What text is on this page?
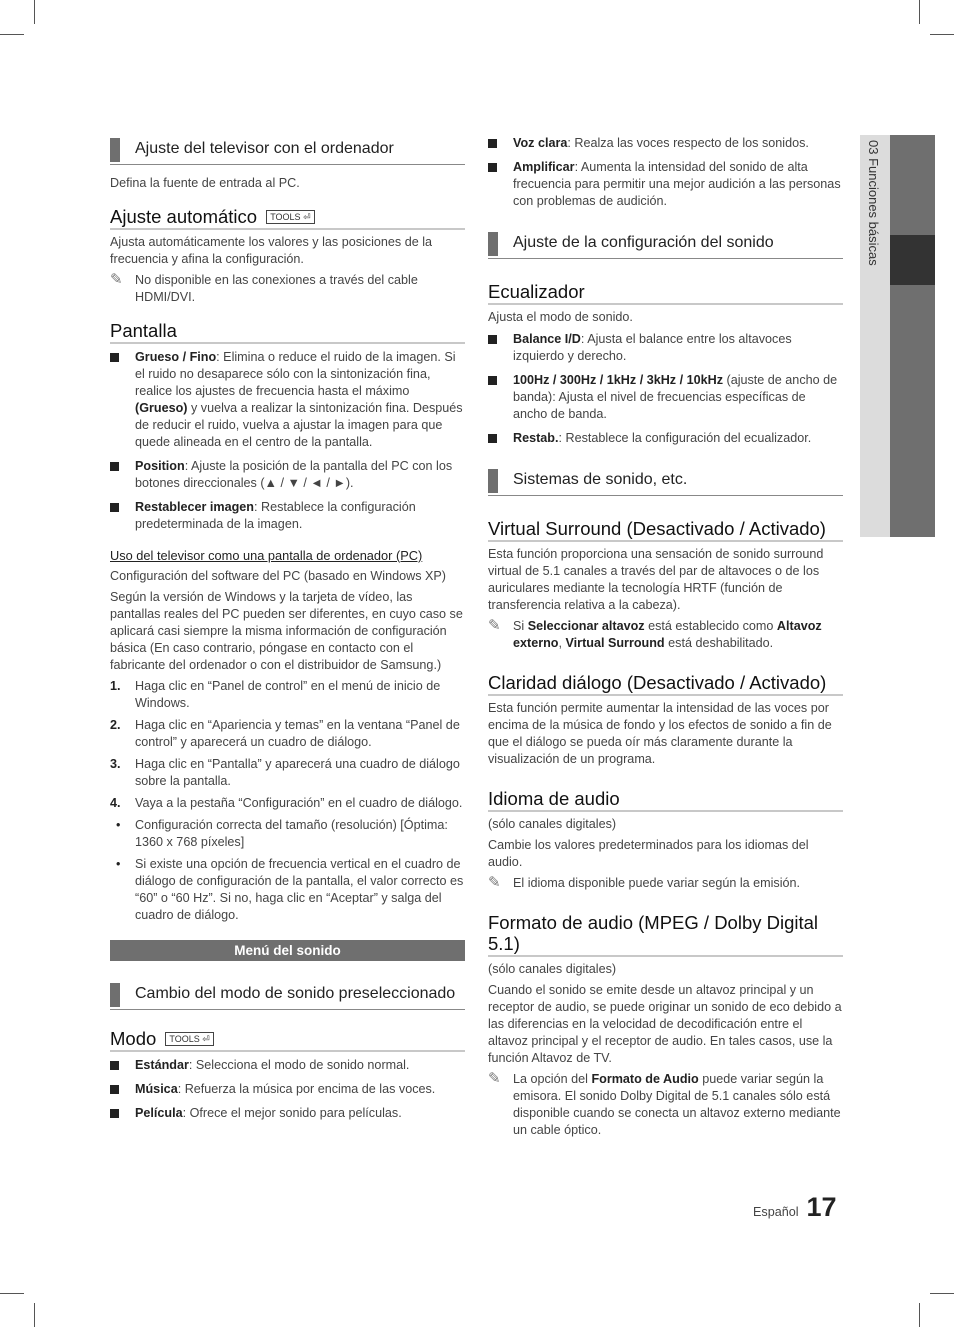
03 Funciones básicas
Ajuste del televisor con el ordenador
Defina la fuente de entrada al PC.
Ajuste automático TOOLS ⏎
Ajusta automáticamente los valores y las posiciones de la frecuencia y afina la configuración.
✎ No disponible en las conexiones a través del cable HDMI/DVI.
Pantalla
Grueso / Fino: Elimina o reduce el ruido de la imagen. Si el ruido no desaparece sólo con la sintonización fina, realice los ajustes de frecuencia hasta el máximo (Grueso) y vuelva a realizar la sintonización fina. Después de reducir el ruido, vuelva a ajustar la imagen para que quede alineada en el centro de la pantalla.
Position: Ajuste la posición de la pantalla del PC con los botones direccionales (▲ / ▼ / ◄ / ►).
Restablecer imagen: Restablece la configuración predeterminada de la imagen.
Uso del televisor como una pantalla de ordenador (PC)
Configuración del software del PC (basado en Windows XP)
Según la versión de Windows y la tarjeta de vídeo, las pantallas reales del PC pueden ser diferentes, en cuyo caso se aplicará casi siempre la misma información de configuración básica (En caso contrario, póngase en contacto con el fabricante del ordenador o con el distribuidor de Samsung.)
1. Haga clic en “Panel de control” en el menú de inicio de Windows.
2. Haga clic en “Apariencia y temas” en la ventana “Panel de control” y aparecerá un cuadro de diálogo.
3. Haga clic en “Pantalla” y aparecerá una cuadro de diálogo sobre la pantalla.
4. Vaya a la pestaña “Configuración” en el cuadro de diálogo.
• Configuración correcta del tamaño (resolución) [Óptima: 1360 x 768 píxeles]
• Si existe una opción de frecuencia vertical en el cuadro de diálogo de configuración de la pantalla, el valor correcto es “60” o “60 Hz”. Si no, haga clic en “Aceptar” y salga del cuadro de diálogo.
Menú del sonido
Cambio del modo de sonido preseleccionado
Modo TOOLS ⏎
Estándar: Selecciona el modo de sonido normal.
Música: Refuerza la música por encima de las voces.
Película: Ofrece el mejor sonido para películas.
Voz clara: Realza las voces respecto de los sonidos.
Amplificar: Aumenta la intensidad del sonido de alta frecuencia para permitir una mejor audición a las personas con problemas de audición.
Ajuste de la configuración del sonido
Ecualizador
Ajusta el modo de sonido.
Balance I/D: Ajusta el balance entre los altavoces izquierdo y derecho.
100Hz / 300Hz / 1kHz / 3kHz / 10kHz (ajuste de ancho de banda): Ajusta el nivel de frecuencias específicas de ancho de banda.
Restab.: Restablece la configuración del ecualizador.
Sistemas de sonido, etc.
Virtual Surround (Desactivado / Activado)
Esta función proporciona una sensación de sonido surround virtual de 5.1 canales a través del par de altavoces o de los auriculares mediante la tecnología HRTF (función de transferencia relativa a la cabeza).
✎ Si Seleccionar altavoz está establecido como Altavoz externo, Virtual Surround está deshabilitado.
Claridad diálogo (Desactivado / Activado)
Esta función permite aumentar la intensidad de las voces por encima de la música de fondo y los efectos de sonido a fin de que el diálogo se pueda oír más claramente durante la visualización de un programa.
Idioma de audio
(sólo canales digitales)
Cambie los valores predeterminados para los idiomas del audio.
✎ El idioma disponible puede variar según la emisión.
Formato de audio (MPEG / Dolby Digital 5.1)
(sólo canales digitales)
Cuando el sonido se emite desde un altavoz principal y un receptor de audio, se puede originar un sonido de eco debido a las diferencias en la velocidad de decodificación entre el altavoz principal y el receptor de audio. En tales casos, use la función Altavoz de TV.
✎ La opción del Formato de Audio puede variar según la emisora. El sonido Dolby Digital de 5.1 canales sólo está disponible cuando se conecta un altavoz externo mediante un cable óptico.
Español 17
